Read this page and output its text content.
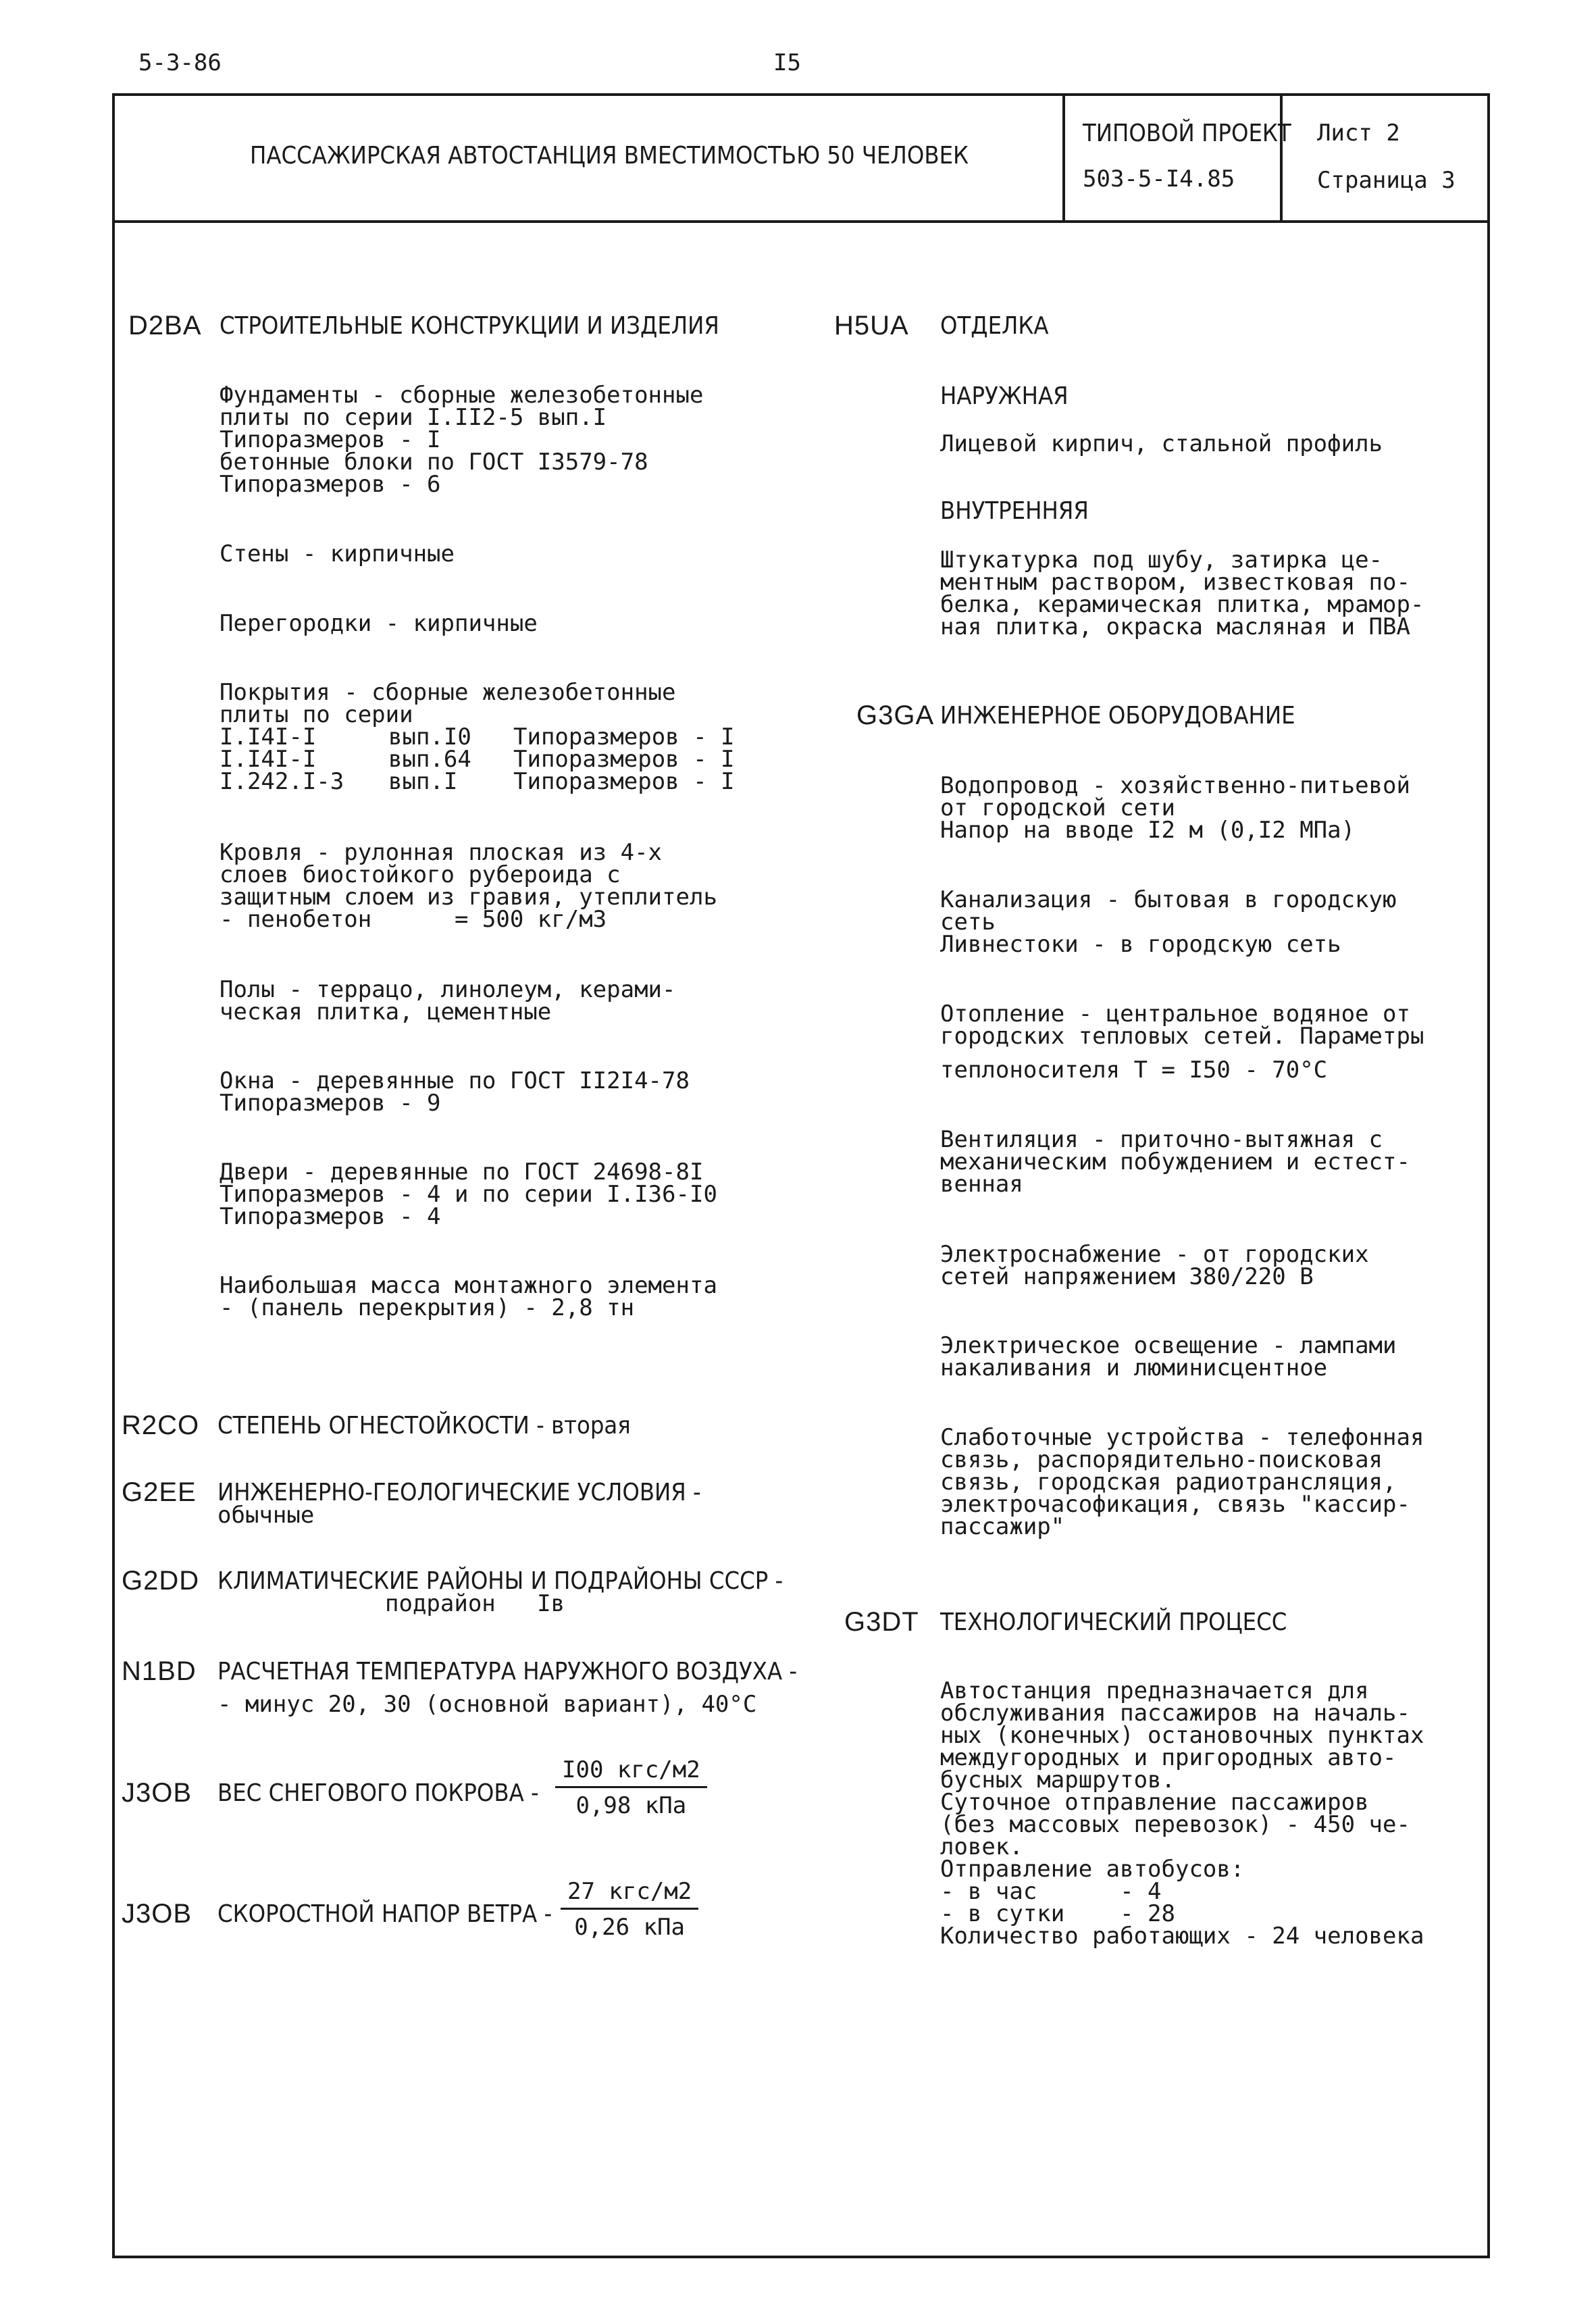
5-3-86	I5
ПАССАЖИРСКАЯ АВТОСТАНЦИЯ ВМЕСТИМОСТЬЮ 50 ЧЕЛОВЕК
ТИПОВОЙ ПРОЕКТ
503-5-I4.85
Лист 2
Страница 3
D2BA СТРОИТЕЛЬНЫЕ КОНСТРУКЦИИ И ИЗДЕЛИЯ
Фундаменты - сборные железобетонные
плиты по серии I.II2-5 вып.I
Типоразмеров - I
бетонные блоки по ГОСТ I3579-78
Типоразмеров - 6
Стены - кирпичные
Перегородки - кирпичные
Покрытия - сборные железобетонные
плиты по серии
I.I4I-I	вып.I0 Типоразмеров - I
I.I4I-I	вып.64 Типоразмеров - I
I.242.I-3 вып.I Типоразмеров - I
Кровля - рулонная плоская из 4-х
слоев биостойкого рубероида с
защитным слоем из гравия, утеплитель
- пенобетон      = 500 кг/м3
Полы - террацо, линолеум, керами-
ческая плитка, цементные
Окна - деревянные по ГОСТ II2I4-78
Типоразмеров - 9
Двери - деревянные по ГОСТ 24698-8I
Типоразмеров - 4 и по серии I.I36-I0
Типоразмеров - 4
Наибольшая масса монтажного элемента
- (панель перекрытия) - 2,8 тн
R2CO СТЕПЕНЬ ОГНЕСТОЙКОСТИ - вторая
G2EE ИНЖЕНЕРНО-ГЕОЛОГИЧЕСКИЕ УСЛОВИЯ -
обычные
G2DD КЛИМАТИЧЕСКИЕ РАЙОНЫ И ПОДРАЙОНЫ СССР -
подрайон   Iв
N1BD РАСЧЕТНАЯ ТЕМПЕРАТУРА НАРУЖНОГО ВОЗДУХА -
- минус 20, 30 (основной вариант), 40°С
J3OB ВЕС СНЕГОВОГО ПОКРОВА -
I00 кгс/м2
0,98 кПа
J3OB СКОРОСТНОЙ НАПОР ВЕТРА -
27 кгс/м2
0,26 кПа
H5UA ОТДЕЛКА
НАРУЖНАЯ
Лицевой кирпич, стальной профиль
ВНУТРЕННЯЯ
Штукатурка под шубу, затирка це-
ментным раствором, известковая по-
белка, керамическая плитка, мрамор-
ная плитка, окраска масляная и ПВА
G3GA ИНЖЕНЕРНОЕ ОБОРУДОВАНИЕ
Водопровод - хозяйственно-питьевой
от городской сети
Напор на вводе I2 м (0,I2 МПа)
Канализация - бытовая в городскую
сеть
Ливнестоки - в городскую сеть
Отопление - центральное водяное от
городских тепловых сетей. Параметры
теплоносителя Т = I50 - 70°С
Вентиляция - приточно-вытяжная с
механическим побуждением и естест-
венная
Электроснабжение - от городских
сетей напряжением 380/220 В
Электрическое освещение - лампами
накаливания и люминисцентное
Слаботочные устройства - телефонная
связь, распорядительно-поисковая
связь, городская радиотрансляция,
электрочасофикация, связь "кассир-
пассажир"
G3DT ТЕХНОЛОГИЧЕСКИЙ ПРОЦЕСС
Автостанция предназначается для
обслуживания пассажиров на началь-
ных (конечных) остановочных пунктах
междугородных и пригородных авто-
бусных маршрутов.
Суточное отправление пассажиров
(без массовых перевозок) - 450 че-
ловек.
Отправление автобусов:
- в час      - 4
- в сутки    - 28
Количество работающих - 24 человека
